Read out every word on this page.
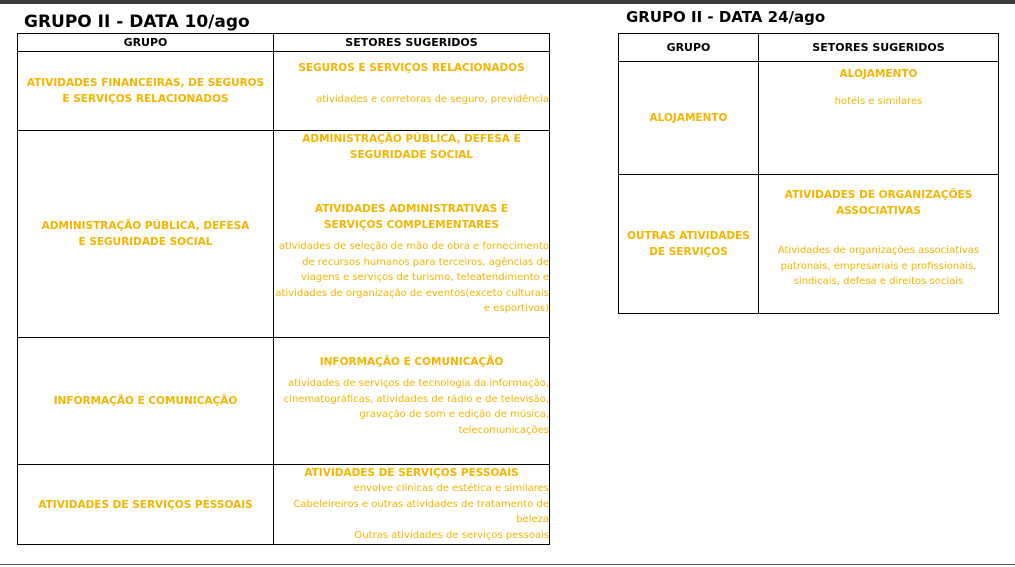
GRUPO II - DATA 10/ago	GRUPO II - DATA 24/ago
GRUPO	SETORES SUGERIDOS
ATIVIDADES FINANCEIRAS, DE SEGUROS E SERVIÇOS RELACIONADOS	SEGUROS E SERVIÇOS RELACIONADOS
atividades e corretoras de seguro, previdência

ADMINISTRAÇÃO PÚBLICA, DEFESA E SEGURIDADE SOCIAL	ADMINISTRAÇÃO PÚBLICA, DEFESA E SEGURIDADE SOCIAL
ATIVIDADES ADMINISTRATIVAS E SERVIÇOS COMPLEMENTARES
atividades de seleção de mão de obra e fornecimento de recursos humanos para terceiros, agências de viagens e serviços de turismo, teleatendimento e atividades de organização de eventos(exceto culturais e esportivos)

INFORMAÇÃO E COMUNICAÇÃO	INFORMAÇÃO E COMUNICAÇÃO
atividades de serviços de tecnologia da informação, cinematográficas, atividades de rádio e de televisão, gravação de som e edição de música, telecomunicações

ATIVIDADES DE SERVIÇOS PESSOAIS	ATIVIDADES DE SERVIÇOS PESSOAIS
envolve clínicas de estética e similares
Cabeleireiros e outras atividades de tratamento de beleza
Outras atividades de serviços pessoais
GRUPO	SETORES SUGERIDOS
ALOJAMENTO	ALOJAMENTO
hotéis e similares

OUTRAS ATIVIDADES DE SERVIÇOS	ATIVIDADES DE ORGANIZAÇÕES ASSOCIATIVAS
Atividades de organizações associativas patronais, empresariais e profissionais, sindicais, defesa e direitos sociais
